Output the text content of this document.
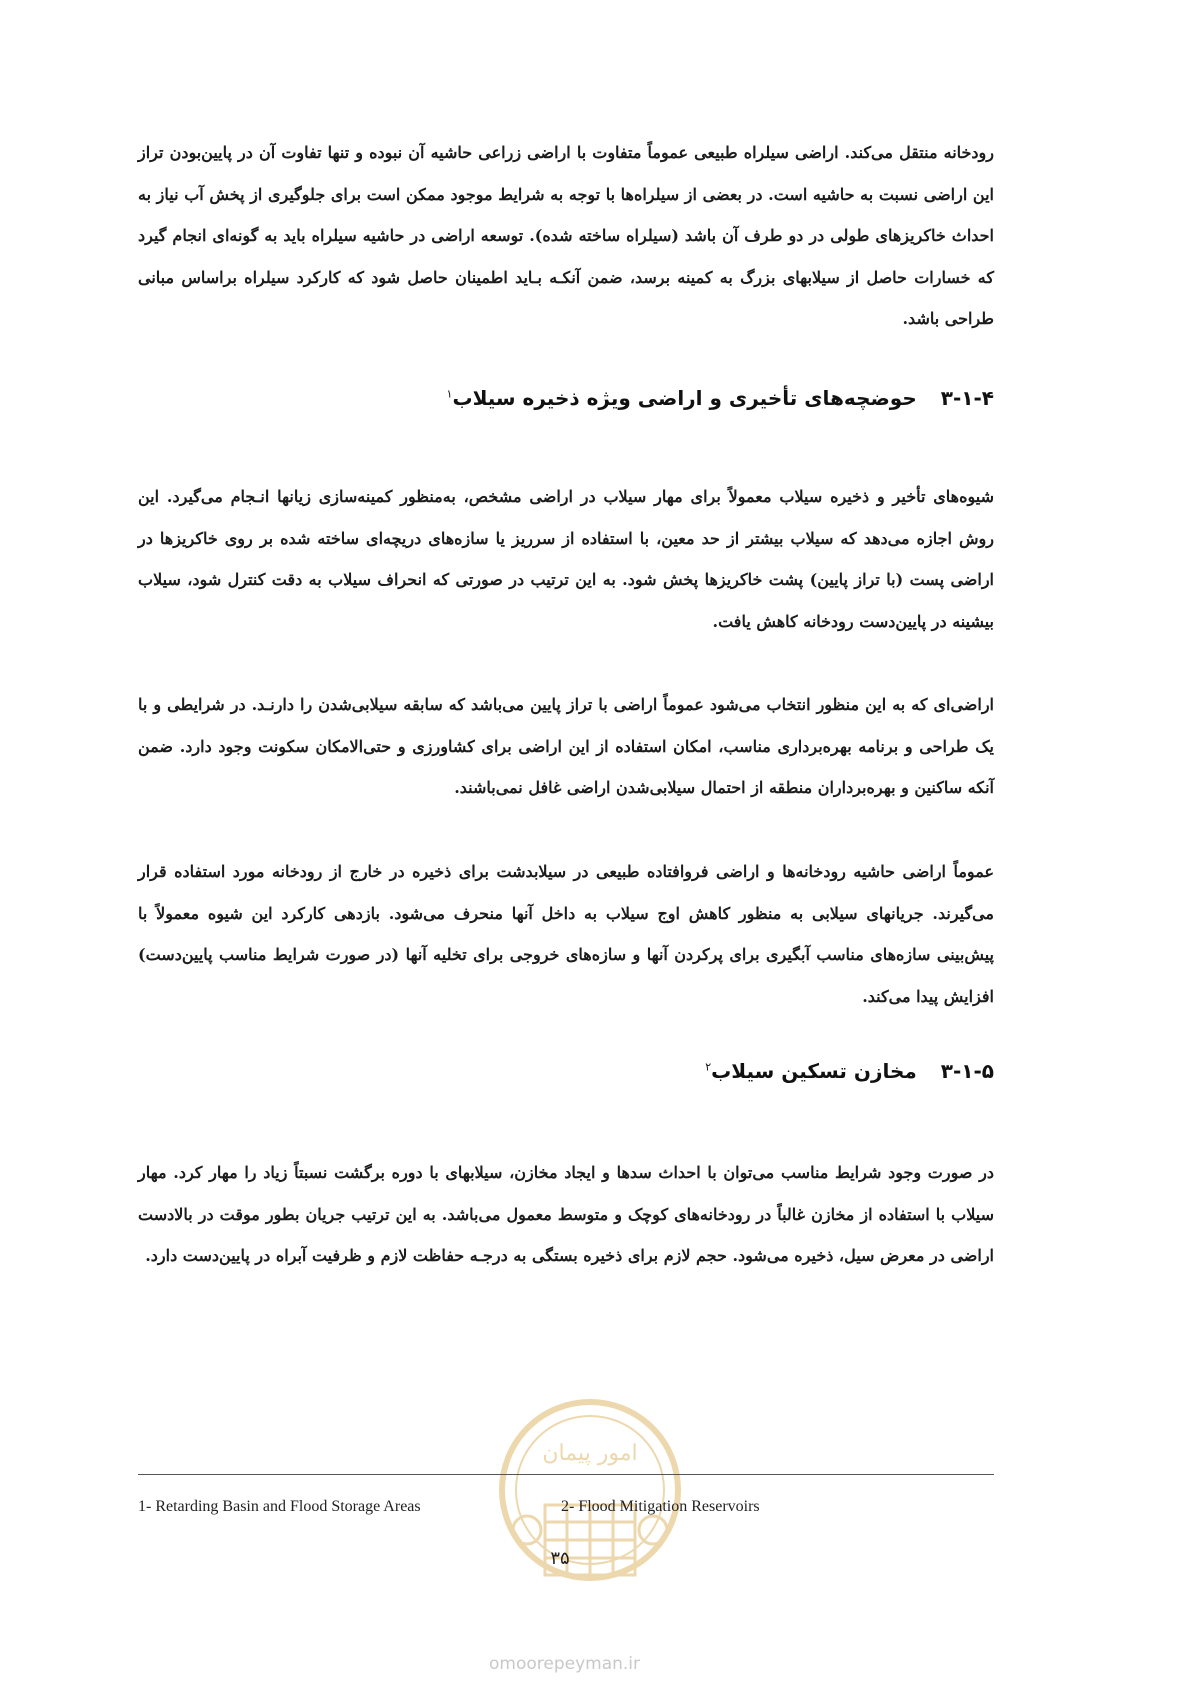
رودخانه منتقل می‌کند. اراضی سیلراه طبیعی عموماً متفاوت با اراضی زراعی حاشیه آن نبوده و تنها تفاوت آن در پایین‌بودن تراز این اراضی نسبت به حاشیه است. در بعضی از سیلراه‌ها با توجه به شرایط موجود ممکن است برای جلوگیری از پخش آب نیاز به احداث خاکریزهای طولی در دو طرف آن باشد (سیلراه ساخته شده). توسعه اراضی در حاشیه سیلراه باید به گونه‌ای انجام گیرد که خسارات حاصل از سیلابهای بزرگ به کمینه برسد، ضمن آنکـه بـاید اطمینان حاصل شود که کارکرد سیلراه براساس مبانی طراحی باشد.

۳-۱-۴حوضچه‌های تأخیری و اراضی ویژه ذخیره سیلاب$^۱$

شیوه‌های تأخیر و ذخیره سیلاب معمولاً برای مهار سیلاب در اراضی مشخص، به‌منظور کمینه‌سازی زیانها انـجام می‌گیرد. این روش اجازه می‌دهد که سیلاب بیشتر از حد معین، با استفاده از سرریز یا سازه‌های دریچه‌ای ساخته شده بر روی خاکریزها در اراضی پست (با تراز پایین) پشت خاکریزها پخش شود. به این ترتیب در صورتی که انحراف سیلاب به دقت کنترل شود، سیلاب بیشینه در پایین‌دست رودخانه کاهش یافت.

اراضی‌ای که به این منظور انتخاب می‌شود عموماً اراضی با تراز پایین می‌باشد که سابقه سیلابی‌شدن را دارنـد. در شرایطی و با یک طراحی و برنامه بهره‌برداری مناسب، امکان استفاده از این اراضی برای کشاورزی و حتی‌الامکان سکونت وجود دارد. ضمن آنکه ساکنین و بهره‌برداران منطقه از احتمال سیلابی‌شدن اراضی غافل نمی‌باشند.

عموماً اراضی حاشیه رودخانه‌ها و اراضی فروافتاده طبیعی در سیلابدشت برای ذخیره در خارج از رودخانه مورد استفاده قرار می‌گیرند. جریانهای سیلابی به منظور کاهش اوج سیلاب به داخل آنها منحرف می‌شود. بازدهی کارکرد این شیوه معمولاً با پیش‌بینی سازه‌های مناسب آبگیری برای پرکردن آنها و سازه‌های خروجی برای تخلیه آنها (در صورت شرایط مناسب پایین‌دست) افزایش پیدا می‌کند.

۳-۱-۵مخازن تسکین سیلاب$^۲$

در صورت وجود شرایط مناسب می‌توان با احداث سدها و ایجاد مخازن، سیلابهای با دوره برگشت نسبتاً زیاد را مهار کرد. مهار سیلاب با استفاده از مخازن غالباً در رودخانه‌های کوچک و متوسط معمول می‌باشد. به این ترتیب جریان بطور موقت در بالادست اراضی در معرض سیل، ذخیره می‌شود. حجم لازم برای ذخیره بستگی به درجـه حفاظت لازم و ظرفیت آبراه در پایین‌دست دارد.

امور پیمان
1- Retarding Basin and Flood Storage Areas	2- Flood Mitigation Reservoirs
۳۵
omoorepeyman.ir
